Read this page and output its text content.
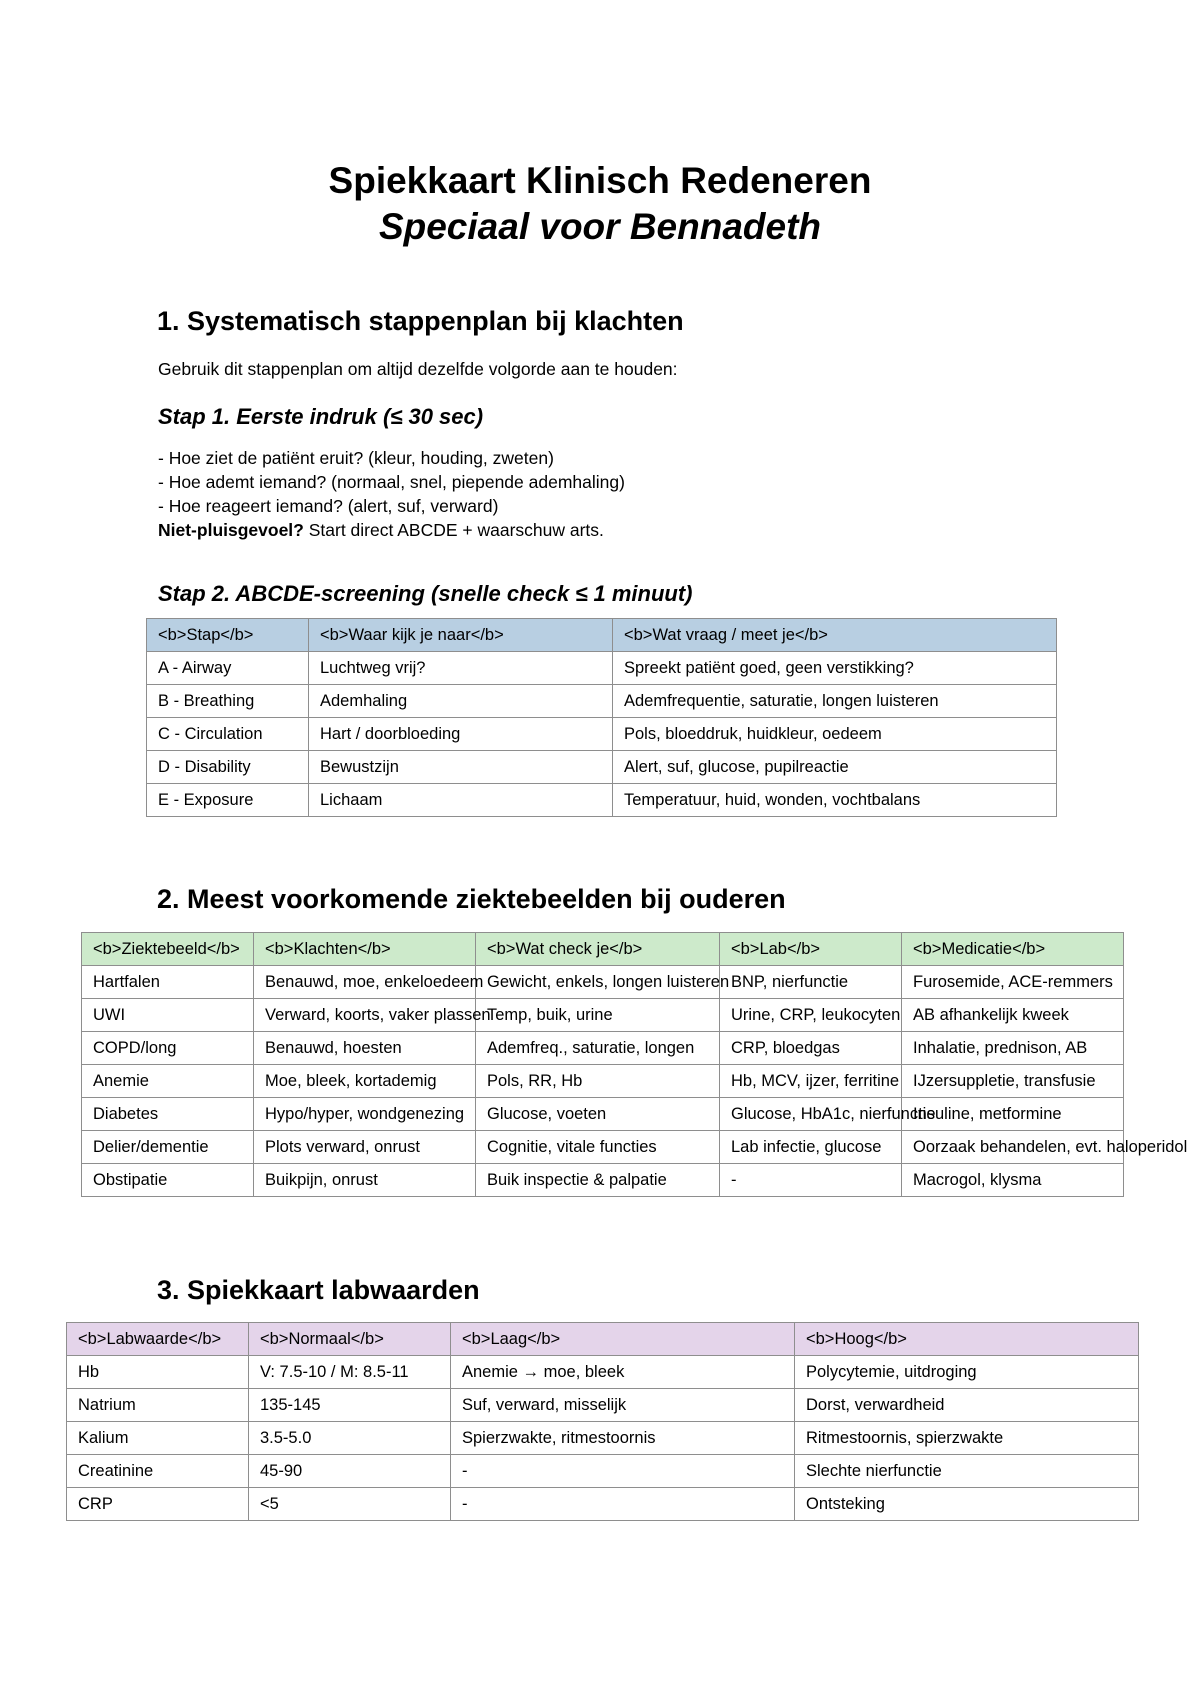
Spiekkaart Klinisch Redeneren
Speciaal voor Bennadeth
1. Systematisch stappenplan bij klachten

Gebruik dit stappenplan om altijd dezelfde volgorde aan te houden:

Stap 1. Eerste indruk (≤ 30 sec)
- Hoe ziet de patiënt eruit? (kleur, houding, zweten)
- Hoe ademt iemand? (normaal, snel, piepende ademhaling)
- Hoe reageert iemand? (alert, suf, verward)
Niet-pluisgevoel? Start direct ABCDE + waarschuw arts.
Stap 2. ABCDE-screening (snelle check ≤ 1 minuut)
<b>Stap</b>	<b>Waar kijk je naar</b>	<b>Wat vraag / meet je</b>
A - Airway	Luchtweg vrij?	Spreekt patiënt goed, geen verstikking?
B - Breathing	Ademhaling	Ademfrequentie, saturatie, longen luisteren
C - Circulation	Hart / doorbloeding	Pols, bloeddruk, huidkleur, oedeem
D - Disability	Bewustzijn	Alert, suf, glucose, pupilreactie
E - Exposure	Lichaam	Temperatuur, huid, wonden, vochtbalans
2. Meest voorkomende ziektebeelden bij ouderen
<b>Ziektebeeld</b>	<b>Klachten</b>	<b>Wat check je</b>	<b>Lab</b>	<b>Medicatie</b>
Hartfalen	Benauwd, moe, enkeloedeem	Gewicht, enkels, longen luisteren	BNP, nierfunctie	Furosemide, ACE-remmers
UWI	Verward, koorts, vaker plassen	Temp, buik, urine	Urine, CRP, leukocyten	AB afhankelijk kweek
COPD/long	Benauwd, hoesten	Ademfreq., saturatie, longen	CRP, bloedgas	Inhalatie, prednison, AB
Anemie	Moe, bleek, kortademig	Pols, RR, Hb	Hb, MCV, ijzer, ferritine	IJzersuppletie, transfusie
Diabetes	Hypo/hyper, wondgenezing	Glucose, voeten	Glucose, HbA1c, nierfunctie	Insuline, metformine
Delier/dementie	Plots verward, onrust	Cognitie, vitale functies	Lab infectie, glucose	Oorzaak behandelen, evt. haloperidol
Obstipatie	Buikpijn, onrust	Buik inspectie & palpatie	-	Macrogol, klysma
3. Spiekkaart labwaarden
<b>Labwaarde</b>	<b>Normaal</b>	<b>Laag</b>	<b>Hoog</b>
Hb	V: 7.5-10 / M: 8.5-11	Anemie → moe, bleek	Polycytemie, uitdroging
Natrium	135-145	Suf, verward, misselijk	Dorst, verwardheid
Kalium	3.5-5.0	Spierzwakte, ritmestoornis	Ritmestoornis, spierzwakte
Creatinine	45-90	-	Slechte nierfunctie
CRP	<5	-	Ontsteking
